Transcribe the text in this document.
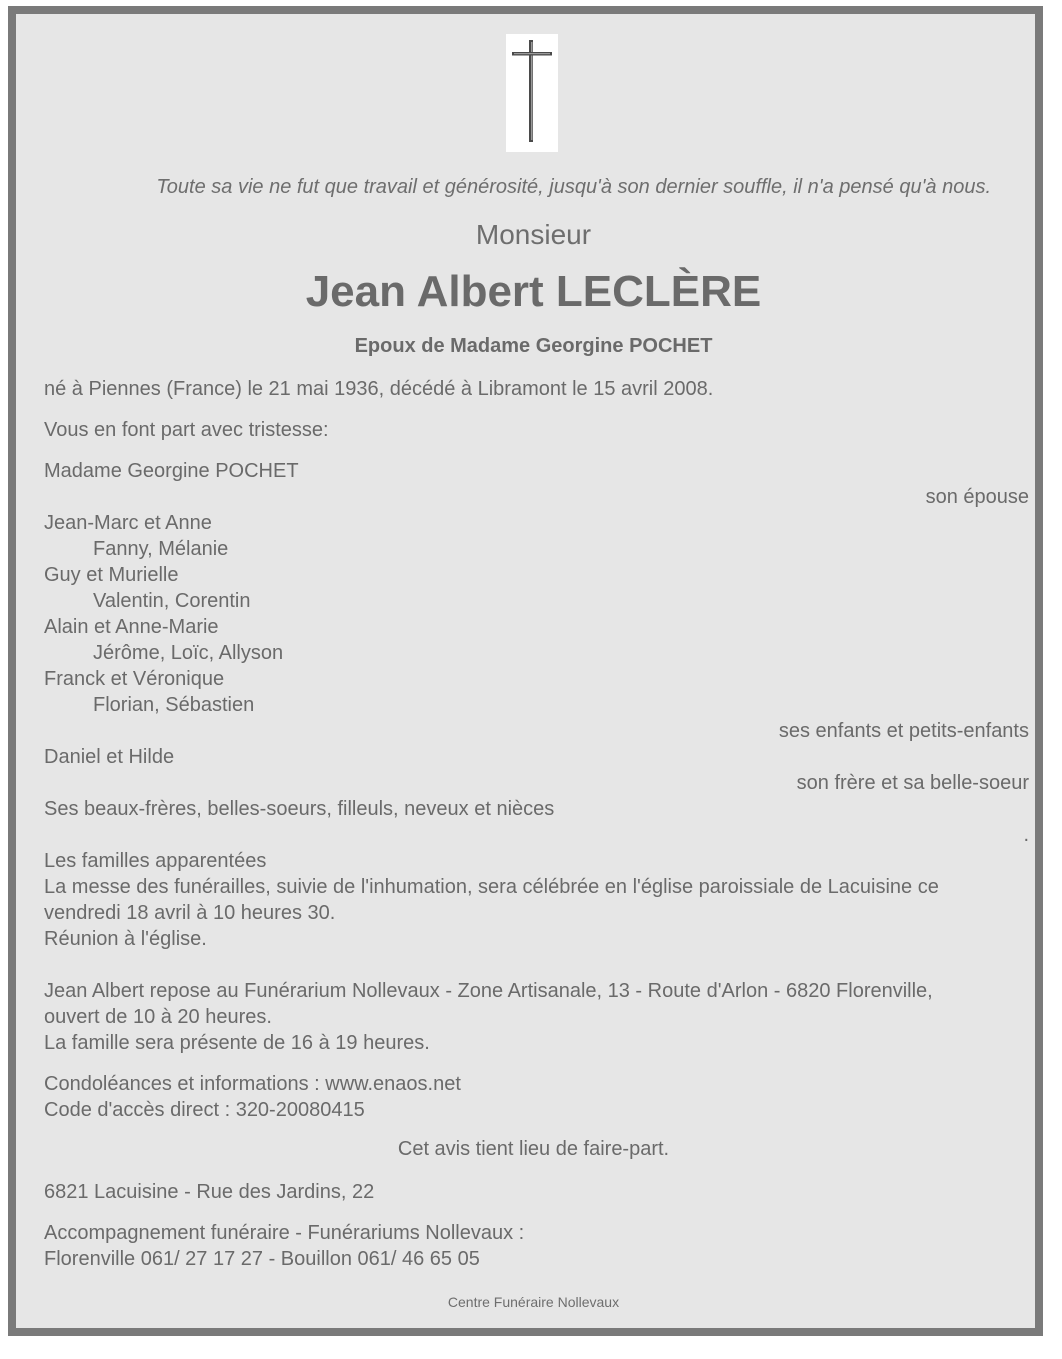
Toute sa vie ne fut que travail et générosité, jusqu'à son dernier souffle, il n'a pensé qu'à nous.
Monsieur
Jean Albert LECLÈRE
Epoux de Madame Georgine POCHET
né à Piennes (France) le 21 mai 1936, décédé à Libramont le 15 avril 2008.
Vous en font part avec tristesse:
Madame Georgine POCHET
son épouse
Jean-Marc et Anne
Fanny, Mélanie
Guy et Murielle
Valentin, Corentin
Alain et Anne-Marie
Jérôme, Loïc, Allyson
Franck et Véronique
Florian, Sébastien
ses enfants et petits-enfants
Daniel et Hilde
son frère et sa belle-soeur
Ses beaux-frères, belles-soeurs, filleuls, neveux et nièces
.
Les familles apparentées
La messe des funérailles, suivie de l'inhumation, sera célébrée en l'église paroissiale de Lacuisine ce
vendredi 18 avril à 10 heures 30.
Réunion à l'église.
Jean Albert repose au Funérarium Nollevaux - Zone Artisanale, 13 - Route d'Arlon - 6820 Florenville,
ouvert de 10 à 20 heures.
La famille sera présente de 16 à 19 heures.
Condoléances et informations : www.enaos.net
Code d'accès direct : 320-20080415
Cet avis tient lieu de faire-part.
6821 Lacuisine - Rue des Jardins, 22
Accompagnement funéraire - Funérariums Nollevaux :
Florenville 061/ 27 17 27 - Bouillon 061/ 46 65 05
Centre Funéraire Nollevaux
